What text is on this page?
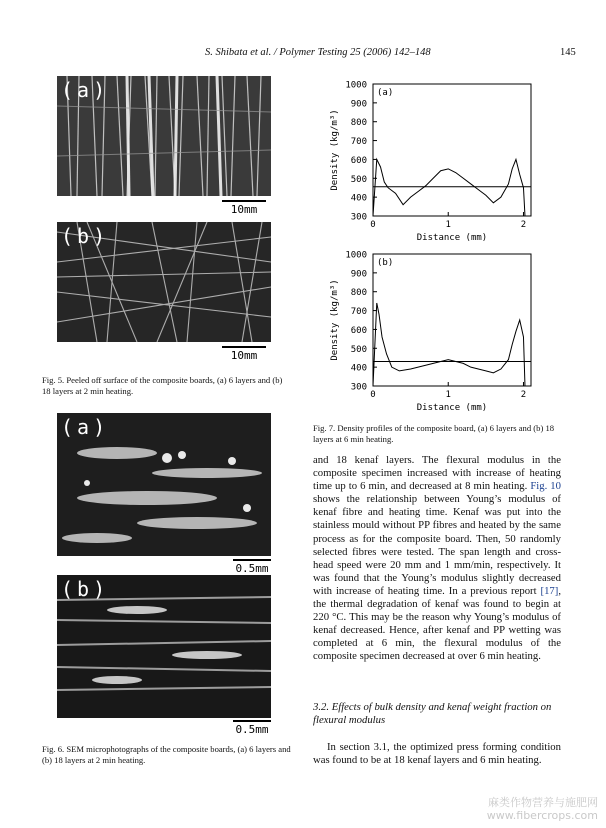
S. Shibata et al. / Polymer Testing 25 (2006) 142–148	145
(a)
10mm
(b)
10mm
Fig. 5. Peeled off surface of the composite boards, (a) 6 layers and (b) 18 layers at 2 min heating.
(a)
0.5mm
(b)
0.5mm
Fig. 6. SEM microphotographs of the composite boards, (a) 6 layers and (b) 18 layers at 2 min heating.
300
400
500
600
700
800
900
1000
0	1	2
(a)
Distance (mm)
Density (kg/m³)
300
400
500
600
700
800
900
1000
0	1	2
(b)
Distance (mm)
Density (kg/m³)
Fig. 7. Density profiles of the composite board, (a) 6 layers and (b) 18 layers at 6 min heating.
and 18 kenaf layers. The flexural modulus in the composite specimen increased with increase of heating time up to 6 min, and decreased at 8 min heating. Fig. 10 shows the relationship between Young’s modulus of kenaf fibre and heating time. Kenaf was put into the stainless mould without PP fibres and heated by the same process as for the composite board. Then, 50 randomly selected fibres were tested. The span length and cross-head speed were 20 mm and 1 mm/min, respectively. It was found that the Young’s modulus slightly decreased with increase of heating time. In a previous report [17], the thermal degradation of kenaf was found to begin at 220 °C. This may be the reason why Young’s modulus of kenaf decreased. Hence, after kenaf and PP wetting was completed at 6 min, the flexural modulus of the composite specimen decreased at over 6 min heating.
3.2. Effects of bulk density and kenaf weight fraction on flexural modulus
In section 3.1, the optimized press forming condition was found to be at 18 kenaf layers and 6 min heating.
麻类作物营养与施肥网
www.fibercrops.com
